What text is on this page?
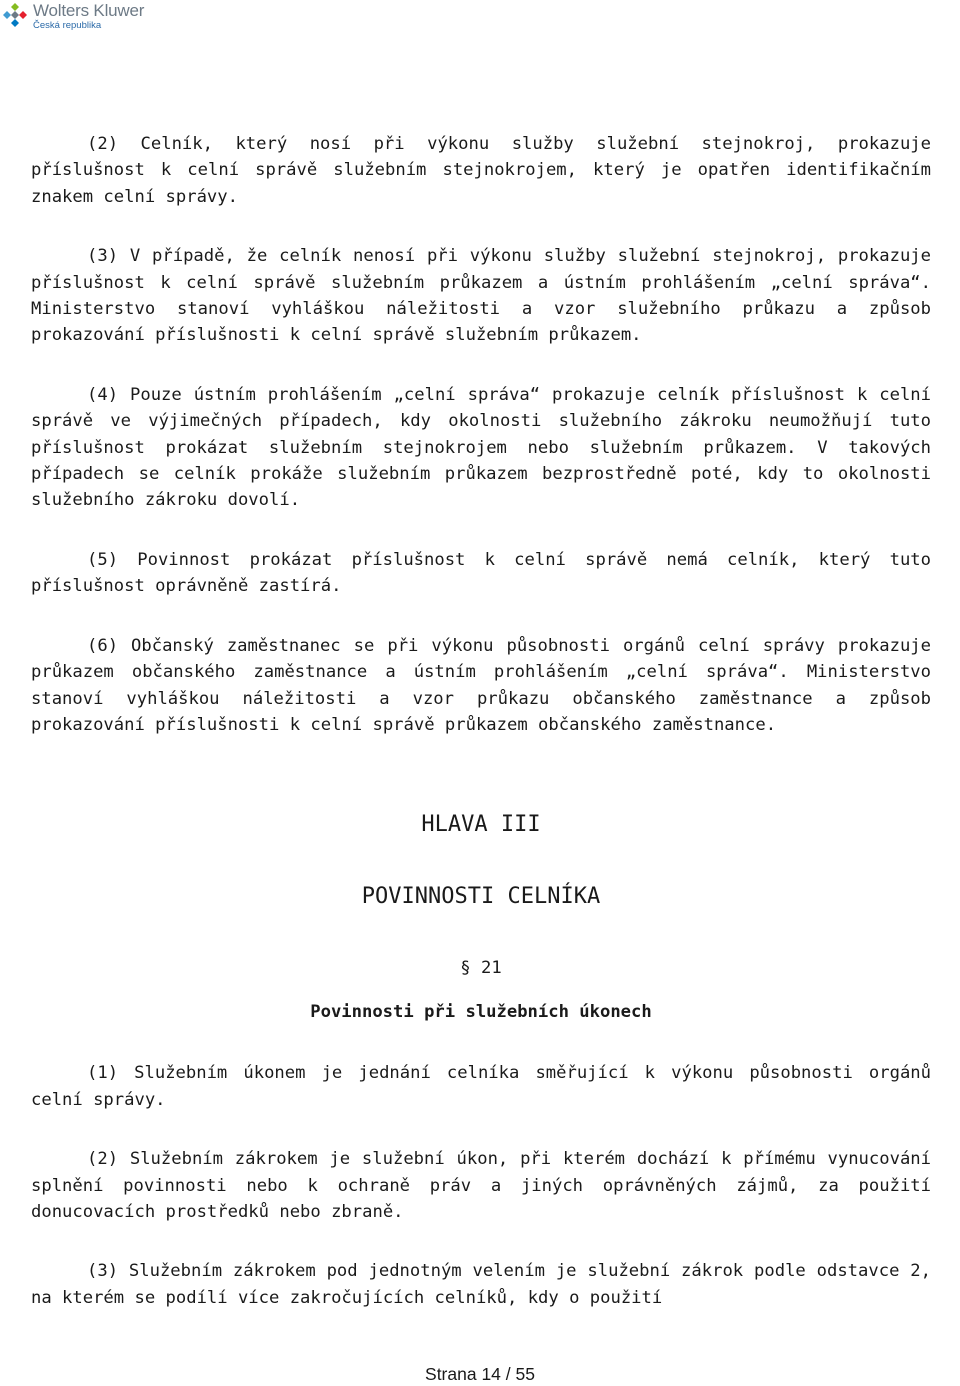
Wolters Kluwer
Česká republika

(2) Celník, který nosí při výkonu služby služební stejnokroj, prokazuje příslušnost k celní správě služebním stejnokrojem, který je opatřen identifikačním znakem celní správy.

(3) V případě, že celník nenosí při výkonu služby služební stejnokroj, prokazuje příslušnost k celní správě služebním průkazem a ústním prohlášením „celní správa“. Ministerstvo stanoví vyhláškou náležitosti a vzor služebního průkazu a způsob prokazování příslušnosti k celní správě služebním průkazem.

(4) Pouze ústním prohlášením „celní správa“ prokazuje celník příslušnost k celní správě ve výjimečných případech, kdy okolnosti služebního zákroku neumožňují tuto příslušnost prokázat služebním stejnokrojem nebo služebním průkazem. V takových případech se celník prokáže služebním průkazem bezprostředně poté, kdy to okolnosti služebního zákroku dovolí.

(5) Povinnost prokázat příslušnost k celní správě nemá celník, který tuto příslušnost oprávněně zastírá.

(6) Občanský zaměstnanec se při výkonu působnosti orgánů celní správy prokazuje průkazem občanského zaměstnance a ústním prohlášením „celní správa“. Ministerstvo stanoví vyhláškou náležitosti a vzor průkazu občanského zaměstnance a způsob prokazování příslušnosti k celní správě průkazem občanského zaměstnance.

HLAVA III

POVINNOSTI CELNÍKA

§ 21

Povinnosti při služebních úkonech

(1) Služebním úkonem je jednání celníka směřující k výkonu působnosti orgánů celní správy.

(2) Služebním zákrokem je služební úkon, při kterém dochází k přímému vynucování splnění povinnosti nebo k ochraně práv a jiných oprávněných zájmů, za použití donucovacích prostředků nebo zbraně.

(3) Služebním zákrokem pod jednotným velením je služební zákrok podle odstavce 2, na kterém se podílí více zakročujících celníků, kdy o použití

Strana 14 / 55
